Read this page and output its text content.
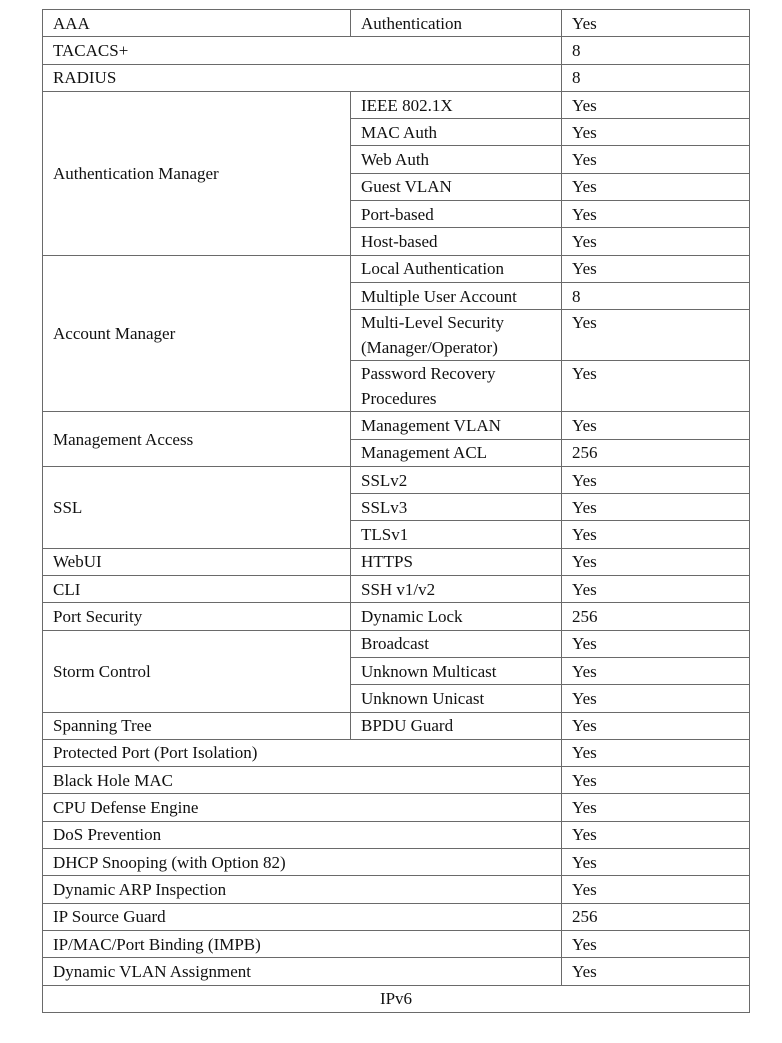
AAA	Authentication	Yes
TACACS+		8
RADIUS		8
Authentication Manager	IEEE 802.1X	Yes
	MAC Auth	Yes
	Web Auth	Yes
	Guest VLAN	Yes
	Port-based	Yes
	Host-based	Yes
Account Manager	Local Authentication	Yes
	Multiple User Account	8
	Multi-Level Security (Manager/Operator)	Yes
	Password Recovery Procedures	Yes
Management Access	Management VLAN	Yes
	Management ACL	256
SSL	SSLv2	Yes
	SSLv3	Yes
	TLSv1	Yes
WebUI	HTTPS	Yes
CLI	SSH v1/v2	Yes
Port Security	Dynamic Lock	256
Storm Control	Broadcast	Yes
	Unknown Multicast	Yes
	Unknown Unicast	Yes
Spanning Tree	BPDU Guard	Yes
Protected Port (Port Isolation)		Yes
Black Hole MAC		Yes
CPU Defense Engine		Yes
DoS Prevention		Yes
DHCP Snooping (with Option 82)		Yes
Dynamic ARP Inspection		Yes
IP Source Guard		256
IP/MAC/Port Binding (IMPB)		Yes
Dynamic VLAN Assignment		Yes
IPv6		
